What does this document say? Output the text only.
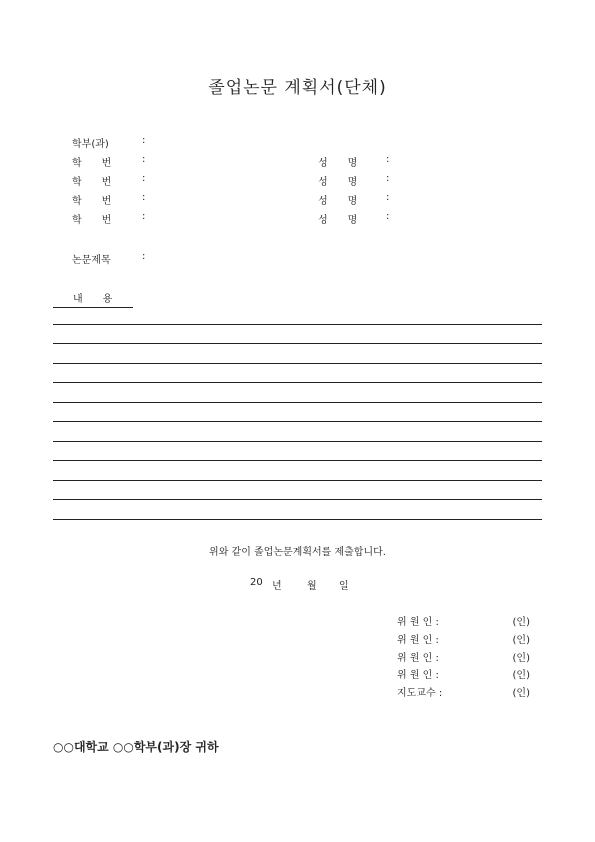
졸업논문 계획서(단체)
학부(과)	:
학　　번	:	성　　명	:
학　　번	:	성　　명	:
학　　번	:	성　　명	:
학　　번	:	성　　명	:
논문제목	:
내　　용
위와 같이 졸업논문계획서를 제출합니다.
20 년	월 일
위 원 인 :	(인)
위 원 인 :	(인)
위 원 인 :	(인)
위 원 인 :	(인)
지도교수 :	(인)
○○대학교 ○○학부(과)장 귀하
